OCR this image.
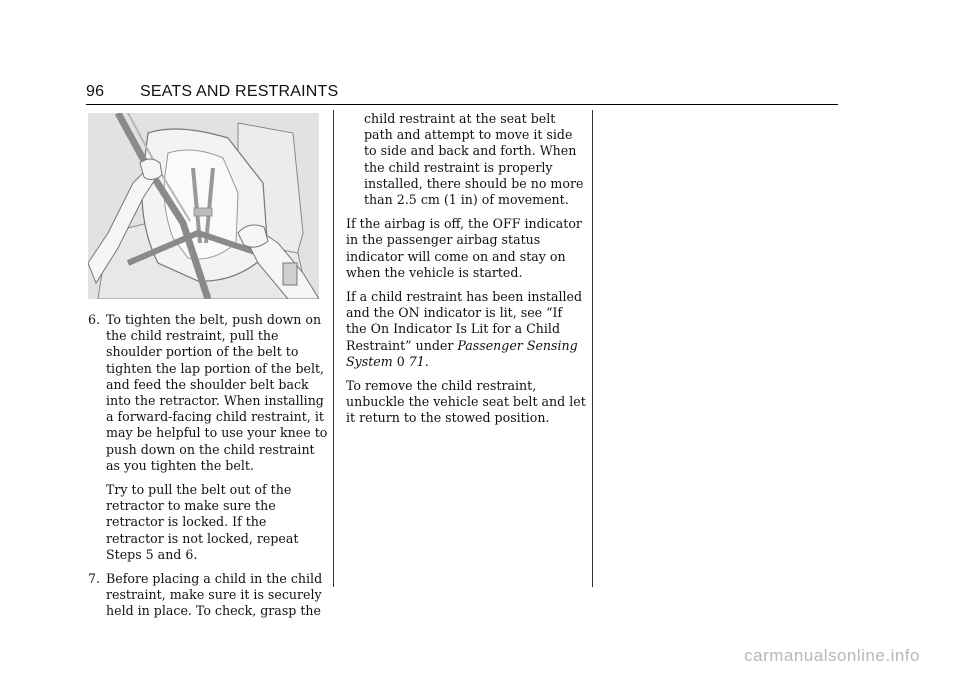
96 SEATS AND RESTRAINTS
6. To tighten the belt, push down on the child restraint, pull the shoulder portion of the belt to tighten the lap portion of the belt, and feed the shoulder belt back into the retractor. When installing a forward-facing child restraint, it may be helpful to use your knee to push down on the child restraint as you tighten the belt.

Try to pull the belt out of the retractor to make sure the retractor is locked. If the retractor is not locked, repeat Steps 5 and 6.

7. Before placing a child in the child restraint, make sure it is securely held in place. To check, grasp the

child restraint at the seat belt path and attempt to move it side to side and back and forth. When the child restraint is properly installed, there should be no more than 2.5 cm (1 in) of movement.

If the airbag is off, the OFF indicator in the passenger airbag status indicator will come on and stay on when the vehicle is started.

If a child restraint has been installed and the ON indicator is lit, see “If the On Indicator Is Lit for a Child Restraint” under Passenger Sensing System 0 71.

To remove the child restraint, unbuckle the vehicle seat belt and let it return to the stowed position.

carmanualsonline.info
